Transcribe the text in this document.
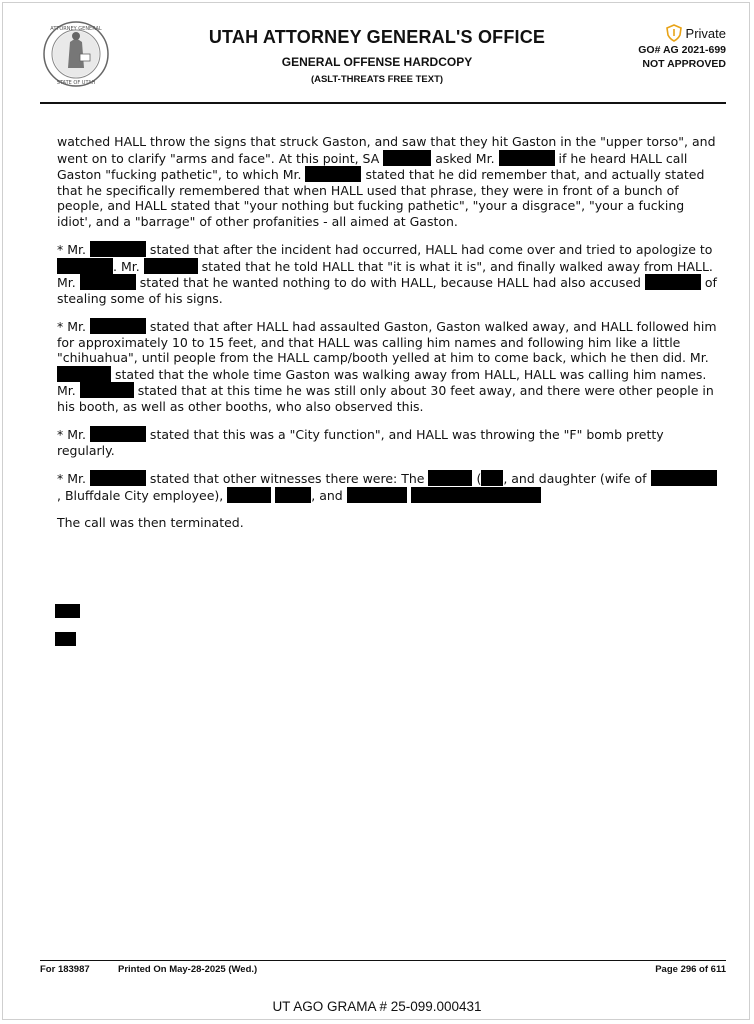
ATTORNEY GENERAL
STATE OF UTAH
UTAH ATTORNEY GENERAL'S OFFICE
GENERAL OFFENSE HARDCOPY
(ASLT-THREATS FREE TEXT)
Private
GO# AG 2021-699
NOT APPROVED

watched HALL throw the signs that struck Gaston, and saw that they hit Gaston in the "upper torso", and went on to clarify "arms and face". At this point, SA	asked Mr.	if he heard HALL call Gaston "fucking pathetic", to which Mr.	stated that he did remember that, and actually stated that he specifically remembered that when HALL used that phrase, they were in front of a bunch of people, and HALL stated that "your nothing but fucking pathetic", "your a disgrace", "your a fucking idiot', and a "barrage" of other profanities - all aimed at Gaston.

* Mr.	stated that after the incident had occurred, HALL had come over and tried to apologize to . Mr.	stated that he told HALL that "it is what it is", and finally walked away from HALL. Mr.	stated that he wanted nothing to do with HALL, because HALL had also accused	of stealing some of his signs.

* Mr.	stated that after HALL had assaulted Gaston, Gaston walked away, and HALL followed him for approximately 10 to 15 feet, and that HALL was calling him names and following him like a little "chihuahua", until people from the HALL camp/booth yelled at him to come back, which he then did. Mr.  stated that the whole time Gaston was walking away from HALL, HALL was calling him names. Mr.	stated that at this time he was still only about 30 feet away, and there were other people in his booth, as well as other booths, who also observed this.

* Mr.	stated that this was a "City function", and HALL was throwing the "F" bomb pretty regularly.

* Mr.	stated that other witnesses there were: The	( , and daughter (wife of , Bluffdale City employee),	, and

The call was then terminated.

For 183987	Printed On May-28-2025 (Wed.)	Page 296 of 611
UT AGO GRAMA # 25-099.000431
